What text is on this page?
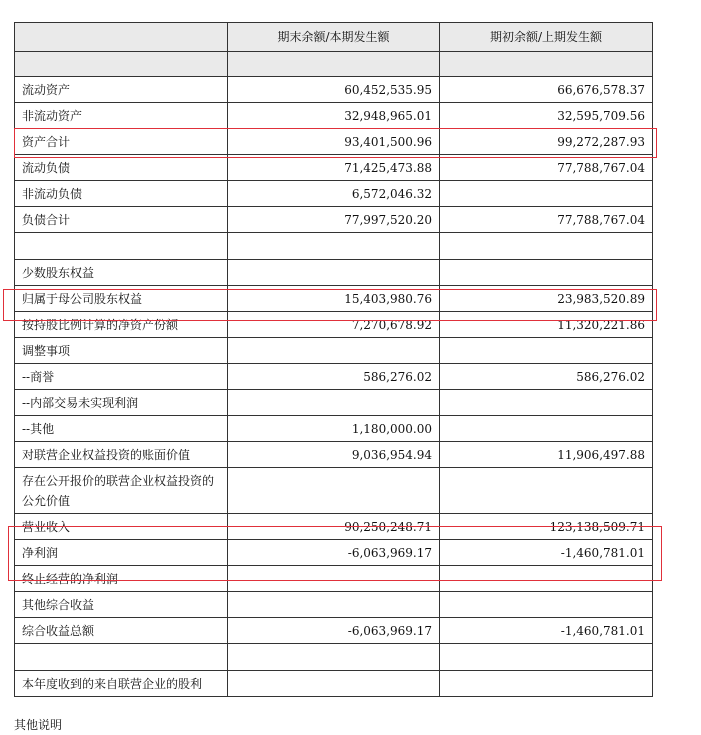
	期末余额/本期发生额	期初余额/上期发生额

流动资产	60,452,535.95	66,676,578.37
非流动资产	32,948,965.01	32,595,709.56
资产合计	93,401,500.96	99,272,287.93
流动负债	71,425,473.88	77,788,767.04
非流动负债	6,572,046.32	
负债合计	77,997,520.20	77,788,767.04

少数股东权益		
归属于母公司股东权益	15,403,980.76	23,983,520.89
按持股比例计算的净资产份额	7,270,678.92	11,320,221.86
调整事项		
--商誉	586,276.02	586,276.02
--内部交易未实现利润		
--其他	1,180,000.00	
对联营企业权益投资的账面价值	9,036,954.94	11,906,497.88
存在公开报价的联营企业权益投资的公允价值		
营业收入	90,250,248.71	123,138,509.71
净利润	-6,063,969.17	-1,460,781.01
终止经营的净利润		
其他综合收益		
综合收益总额	-6,063,969.17	-1,460,781.01

本年度收到的来自联营企业的股利		
其他说明
